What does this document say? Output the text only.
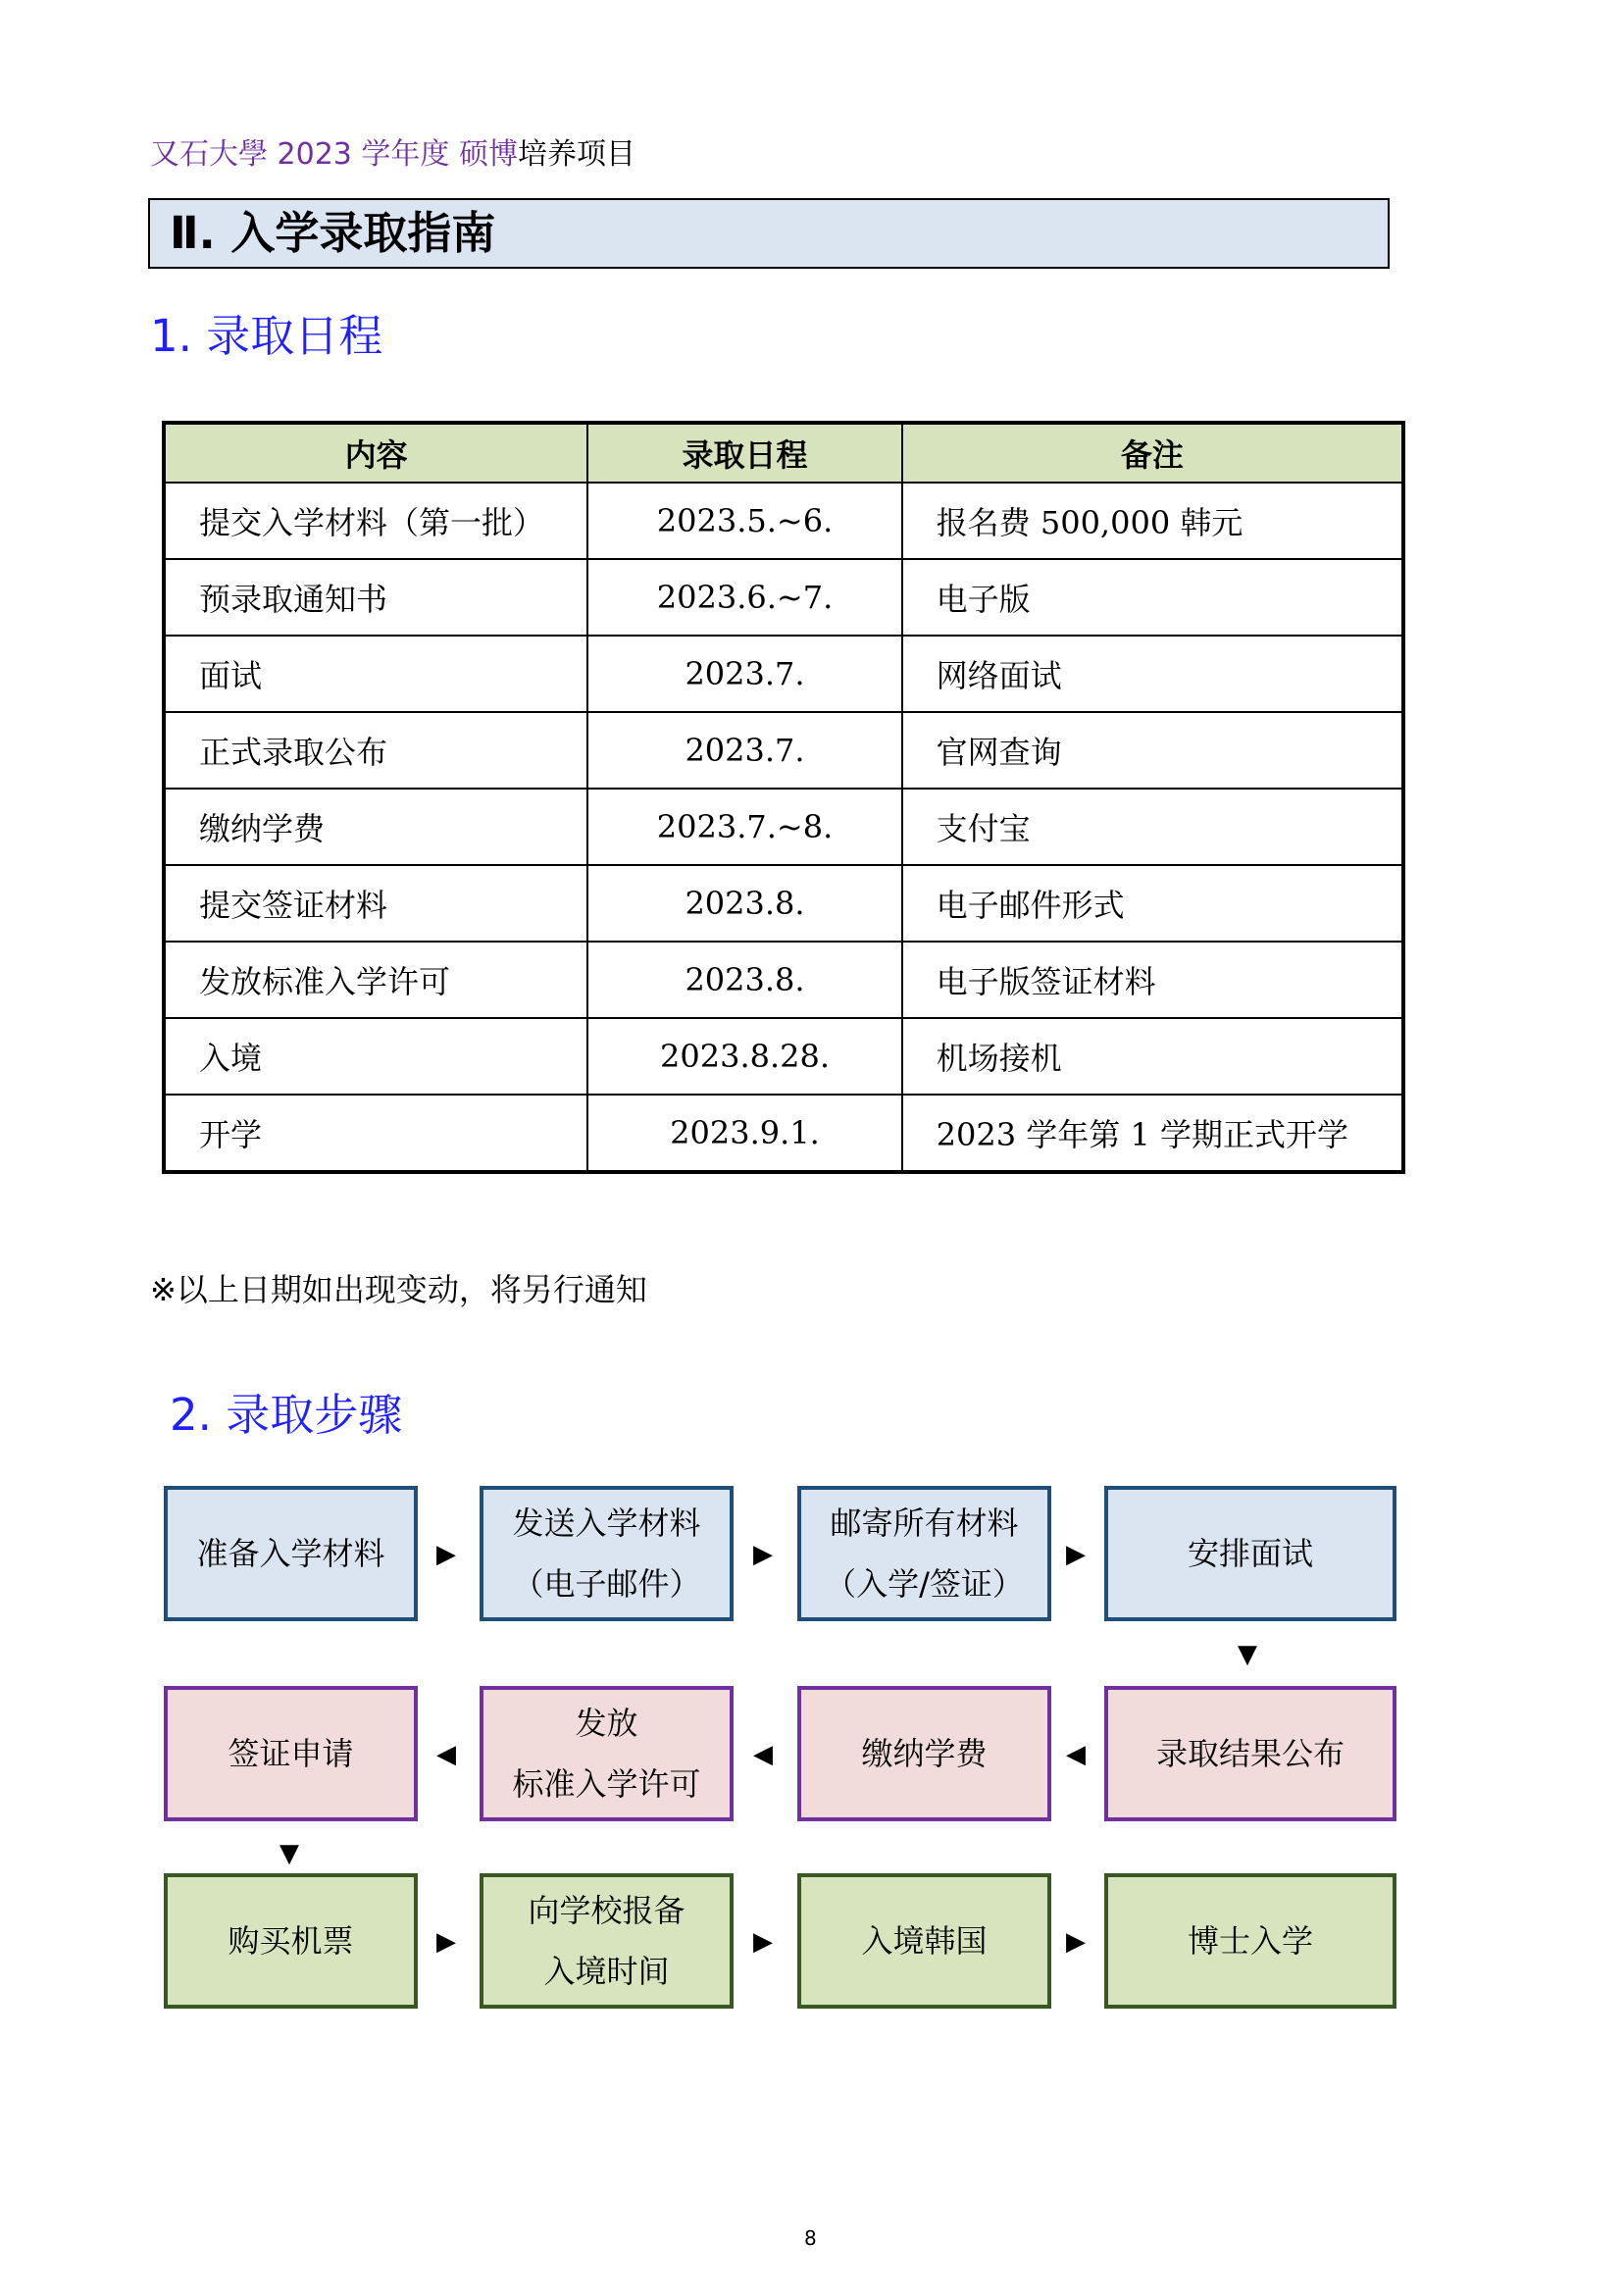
又石大學 2023 学年度 硕博培养项目
Ⅱ. 入学录取指南
1. 录取日程
内容	录取日程	备注
提交入学材料（第一批）	2023.5.~6.	报名费 500,000 韩元
预录取通知书	2023.6.~7.	电子版
面试	2023.7.	网络面试
正式录取公布	2023.7.	官网查询
缴纳学费	2023.7.~8.	支付宝
提交签证材料	2023.8.	电子邮件形式
发放标准入学许可	2023.8.	电子版签证材料
入境	2023.8.28.	机场接机
开学	2023.9.1.	2023 学年第 1 学期正式开学
※以上日期如出现变动，将另行通知
2. 录取步骤
准备入学材料 ▶
发送入学材料
（电子邮件）
▶
邮寄所有材料
（入学/签证）
▶	安排面试
▼
签证申请	◀
发放
标准入学许可
◀	缴纳学费	◀ 录取结果公布
▼
购买机票	▶
向学校报备
入境时间
▶	入境韩国	▶	博士入学
8
